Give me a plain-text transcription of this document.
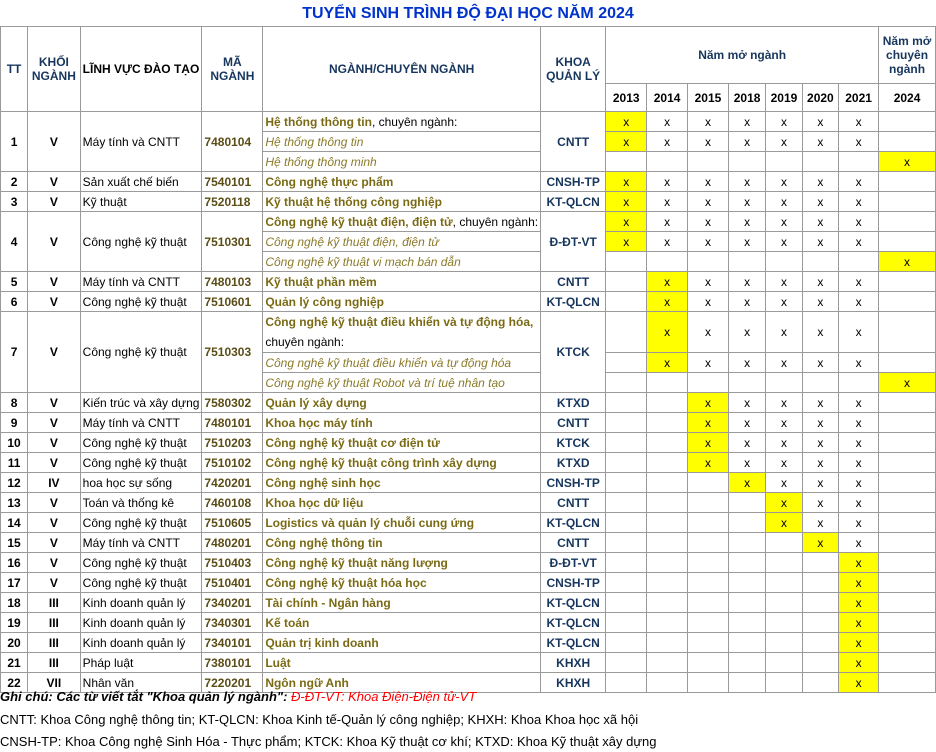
TUYỂN SINH TRÌNH ĐỘ ĐẠI HỌC NĂM 2024
TT	KHỐI NGÀNH	LĨNH VỰC ĐÀO TẠO	MÃ NGÀNH	NGÀNH/CHUYÊN NGÀNH	KHOA QUẢN LÝ	Năm mở ngành							Năm mở chuyên ngành
						2013	2014	2015	2018	2019	2020	2021	2024
1	V	Máy tính và CNTT	7480104	Hệ thống thông tin, chuyên ngành:	CNTT	x	x	x	x	x	x	x	
				Hệ thống thông tin		x	x	x	x	x	x	x	
				Hệ thống thông minh									x
2	V	Sản xuất chế biến	7540101	Công nghệ thực phẩm	CNSH-TP	x	x	x	x	x	x	x	
3	V	Kỹ thuật	7520118	Kỹ thuật hệ thống công nghiệp	KT-QLCN	x	x	x	x	x	x	x	
4	V	Công nghệ kỹ thuật	7510301	Công nghệ kỹ thuật điện, điện tử, chuyên ngành:	Đ-ĐT-VT	x	x	x	x	x	x	x	
				Công nghệ kỹ thuật điện, điện tử		x	x	x	x	x	x	x	
				Công nghệ kỹ thuật vi mạch bán dẫn									x
5	V	Máy tính và CNTT	7480103	Kỹ thuật phần mềm	CNTT		x	x	x	x	x	x	
6	V	Công nghệ kỹ thuật	7510601	Quản lý công nghiệp	KT-QLCN		x	x	x	x	x	x	
7	V	Công nghệ kỹ thuật	7510303	Công nghệ kỹ thuật điều khiển và tự động hóa,
chuyên ngành:	KTCK		x	x	x	x	x	x	
				Công nghệ kỹ thuật điều khiển và tự động hóa			x	x	x	x	x	x	
				Công nghệ kỹ thuật Robot và trí tuệ nhân tạo									x
8	V	Kiến trúc và xây dựng	7580302	Quản lý xây dựng	KTXD			x	x	x	x	x	
9	V	Máy tính và CNTT	7480101	Khoa học máy tính	CNTT			x	x	x	x	x	
10	V	Công nghệ kỹ thuật	7510203	Công nghệ kỹ thuật cơ điện tử	KTCK			x	x	x	x	x	
11	V	Công nghệ kỹ thuật	7510102	Công nghệ kỹ thuật công trình xây dựng	KTXD			x	x	x	x	x	
12	IV	hoa học sự sống	7420201	Công nghệ sinh học	CNSH-TP				x	x	x	x	
13	V	Toán và thống kê	7460108	Khoa học dữ liệu	CNTT					x	x	x	
14	V	Công nghệ kỹ thuật	7510605	Logistics và quản lý chuỗi cung ứng	KT-QLCN					x	x	x	
15	V	Máy tính và CNTT	7480201	Công nghệ thông tin	CNTT						x	x	
16	V	Công nghệ kỹ thuật	7510403	Công nghệ kỹ thuật năng lượng	Đ-ĐT-VT							x	
17	V	Công nghệ kỹ thuật	7510401	Công nghệ kỹ thuật hóa học	CNSH-TP							x	
18	III	Kinh doanh quản lý	7340201	Tài chính - Ngân hàng	KT-QLCN							x	
19	III	Kinh doanh quản lý	7340301	Kế toán	KT-QLCN							x	
20	III	Kinh doanh quản lý	7340101	Quản trị kinh doanh	KT-QLCN							x	
21	III	Pháp luật	7380101	Luật	KHXH							x	
22	VII	Nhân văn	7220201	Ngôn ngữ Anh	KHXH							x	
Ghi chú: Các từ viết tắt "Khoa quản lý ngành": Đ-ĐT-VT: Khoa Điện-Điện tử-VT
CNTT: Khoa Công nghệ thông tin; KT-QLCN: Khoa Kinh tế-Quản lý công nghiệp; KHXH: Khoa Khoa học xã hội
CNSH-TP: Khoa Công nghệ Sinh Hóa - Thực phẩm; KTCK: Khoa Kỹ thuật cơ khí; KTXD: Khoa Kỹ thuật xây dựng
